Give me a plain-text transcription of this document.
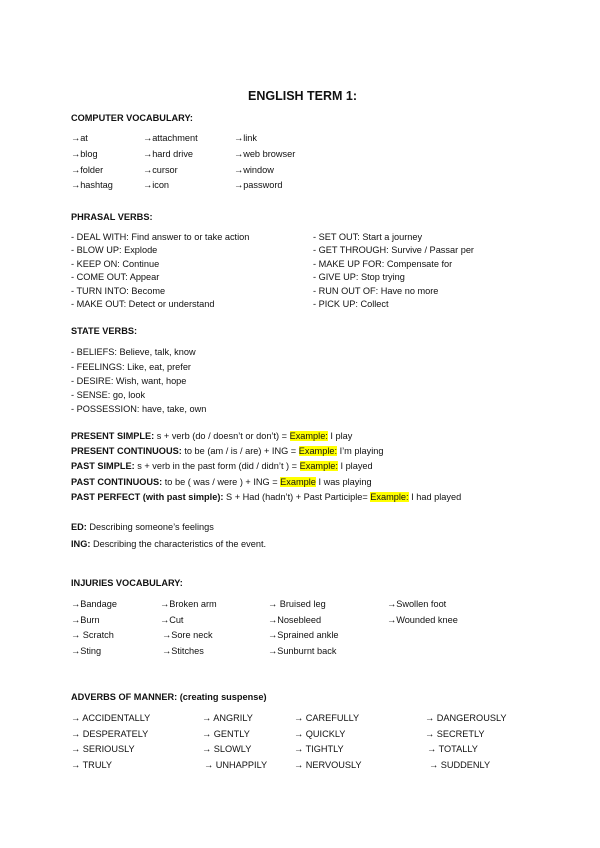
ENGLISH TERM 1:
COMPUTER VOCABULARY:
→at	→attachment	→link
→blog	→hard drive	→web browser
→folder	→cursor	→window
→hashtag	→icon	→password
PHRASAL VERBS:
- DEAL WITH: Find answer to or take action
- BLOW UP: Explode
- KEEP ON: Continue
- COME OUT: Appear
- TURN INTO: Become
- MAKE OUT: Detect or understand
- SET OUT: Start a journey
- GET THROUGH: Survive / Passar per
- MAKE UP FOR: Compensate for
- GIVE UP: Stop trying
- RUN OUT OF: Have no more
- PICK UP: Collect
STATE VERBS:
- BELIEFS: Believe, talk, know
- FEELINGS: Like, eat, prefer
- DESIRE: Wish, want, hope
- SENSE: go, look
- POSSESSION: have, take, own
PRESENT SIMPLE: s + verb (do / doesn’t or don’t) = Example: I play
PRESENT CONTINUOUS: to be (am / is / are) + ING = Example: I’m playing
PAST SIMPLE: s + verb in the past form (did / didn’t ) = Example: I played
PAST CONTINUOUS: to be ( was / were ) + ING = Example I was playing
PAST PERFECT (with past simple): S + Had (hadn’t) + Past Participle= Example: I had played
ED: Describing someone’s feelings
ING: Describing the characteristics of the event.
INJURIES VOCABULARY:
→Bandage	→Broken arm	→ Bruised leg	→Swollen foot
→Burn	→Cut	→Nosebleed	→Wounded knee
→ Scratch	→Sore neck	→Sprained ankle
→Sting	→Stitches	→Sunburnt back
ADVERBS OF MANNER: (creating suspense)
→ ACCIDENTALLY	→ ANGRILY	→ CAREFULLY	→ DANGEROUSLY
→ DESPERATELY	→ GENTLY	→ QUICKLY	→ SECRETLY
→ SERIOUSLY	→ SLOWLY	→ TIGHTLY	→ TOTALLY
→ TRULY	→ UNHAPPILY	→ NERVOUSLY	→ SUDDENLY
